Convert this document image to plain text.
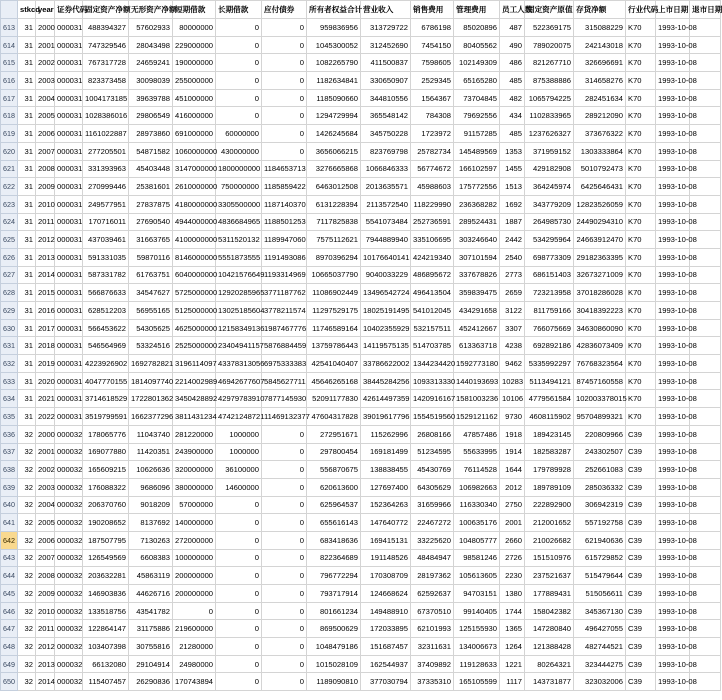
	stkcd	year	证券代码	固定资产净额	无形资产净额	短期借款	长期借款	应付债券	所有者权益合计	营业收入	销售费用	管理费用	员工人数	固定资产原值	存货净额	行业代码	上市日期	退市日期
613	31	2000	000031	488394327	57602933	80000000	0	0	959836956	313729722	6786198	85020896	487	522369175	315088229	K70	1993-10-08	
614	31	2001	000031	747329546	28043498	229000000	0	0	1045300052	312452690	7454150	80405562	490	789020075	242143018	K70	1993-10-08	
615	31	2002	000031	767317728	24659241	190000000	0	0	1082265790	411500837	7598605	102149309	486	821267710	326696691	K70	1993-10-08	
616	31	2003	000031	823373458	30098039	255000000	0	0	1182634841	330650907	2529345	65165280	485	875388886	314658276	K70	1993-10-08	
617	31	2004	000031	1004173185	39639788	451000000	0	0	1185090660	344810556	1564367	73704845	482	1065794225	282451634	K70	1993-10-08	
618	31	2005	000031	1028386016	29806549	416000000	0	0	1294729994	365548142	784308	79692556	434	1102833965	289212090	K70	1993-10-08	
619	31	2006	000031	1161022887	28973860	691000000	60000000	0	1426245684	345750228	1723972	91157285	485	1237626327	373676322	K70	1993-10-08	
620	31	2007	000031	277205501	54871582	1060000000	430000000	0	3656066215	823769798	25782734	145489569	1353	371959152	1303333864	K70	1993-10-08	
621	31	2008	000031	331393963	45403448	3147000000	1800000000	1184653713	3276665868	1066846333	56774672	166102597	1455	429182908	5010792473	K70	1993-10-08	
622	31	2009	000031	270999446	25381601	2610000000	750000000	1185859422	6463012508	2013635571	45988603	175772556	1513	364245974	6425646431	K70	1993-10-08	
623	31	2010	000031	249577951	27837875	4180000000	3305500000	1187140370	6131228394	2113572540	118229990	236368282	1692	343779209	12823526059	K70	1993-10-08	
624	31	2011	000031	170716011	27690540	4944000000	4836684965	1188501253	7117825838	5541073484	252736591	289524431	1887	264985730	24490294310	K70	1993-10-08	
625	31	2012	000031	437039461	31663765	4100000000	5311520132	1189947060	7575112621	7944889940	335106695	303246640	2442	534295964	24663912470	K70	1993-10-08	
626	31	2013	000031	591331035	59870116	8146000000	5551873555	1191493086	8970396294	10176640141	424219340	307101594	2540	698773309	29182363395	K70	1993-10-08	
627	31	2014	000031	587331782	61763751	6040000000	10421576649	1193314969	10665037790	9040033229	486895672	337678826	2773	686151403	32673271009	K70	1993-10-08	
628	31	2015	000031	566876633	34547627	5725000000	12920285965	3771187762	11086902449	13496542724	496413504	359839475	2659	723213958	37018286028	K70	1993-10-08	
629	31	2016	000031	628512203	56955165	5125000000	13025185604	3778211574	11297529175	18025191495	541012045	434291658	3122	811759166	30418392223	K70	1993-10-08	
630	31	2017	000031	566453622	54305625	4625000000	12158349136	1987467776	11746589164	10402355929	532157511	452412667	3307	766075669	34630860090	K70	1993-10-08	
631	31	2018	000031	546564969	53324516	2525000000	23404941157	5876884459	13759786443	14119575135	514703785	613363718	4238	692892186	42836073409	K70	1993-10-08	
632	31	2019	000031	4223926902	1692782821	3196114097	43378313056	6975333383	42541040407	33786622002	1344234420	1592773180	9462	5335992297	76768323564	K70	1993-10-08	
633	31	2020	000031	4047770155	1814097740	2214002989	46942677607	5845627711	45646265168	38445284256	1093313330	1440193693	10283	5113494121	87457160558	K70	1993-10-08	
634	31	2021	000031	3714618529	1722801362	3450428892	42979783910	7877145930	52091177830	42614497359	1420916167	1581003236	10106	4779561584	102003378015	K70	1993-10-08	
635	31	2022	000031	3519799591	1662377296	3811431234	47421248721	11469132377	47604317828	39019617796	1554519560	1529121162	9730	4608115902	95704899321	K70	1993-10-08	
636	32	2000	000032	178065776	11043740	281220000	1000000	0	272951671	115262996	26808166	47857486	1918	189423145	220809966	C39	1993-10-08	
637	32	2001	000032	169077880	11420351	243900000	1000000	0	297800454	169181499	51234595	55633995	1914	182583287	243302507	C39	1993-10-08	
638	32	2002	000032	165609215	10626636	320000000	36100000	0	556870675	138838455	45430769	76114528	1644	179789928	252661083	C39	1993-10-08	
639	32	2003	000032	176088322	9686096	380000000	14600000	0	620613600	127697400	64305629	106982663	2012	189789109	285036332	C39	1993-10-08	
640	32	2004	000032	206370760	9018209	57000000	0	0	625964537	152364263	31659966	116330340	2750	222892900	306942319	C39	1993-10-08	
641	32	2005	000032	190208652	8137692	140000000	0	0	655616143	147640772	22467272	100635176	2001	212001652	557192758	C39	1993-10-08	
642	32	2006	000032	187507795	7130263	272000000	0	0	683418636	169415131	33225620	104805777	2660	210026682	621940636	C39	1993-10-08	
643	32	2007	000032	126549569	6608383	100000000	0	0	822364689	191148526	48484947	98581246	2726	151510976	615729852	C39	1993-10-08	
644	32	2008	000032	203632281	45863119	200000000	0	0	796772294	170308709	28197362	105613605	2230	237521637	515479644	C39	1993-10-08	
645	32	2009	000032	146903836	44626716	200000000	0	0	793717914	124668624	62592637	94703151	1380	177889431	515056611	C39	1993-10-08	
646	32	2010	000032	133518756	43541782	0	0	0	801661234	149488910	67370510	99140405	1744	158042382	345367130	C39	1993-10-08	
647	32	2011	000032	122864147	31175886	219600000	0	0	869500629	172033895	62101993	125155930	1365	147280840	496427055	C39	1993-10-08	
648	32	2012	000032	103407398	30755816	21280000	0	0	1048479186	151687457	32311631	134006673	1264	121388428	482744521	C39	1993-10-08	
649	32	2013	000032	66132080	29104914	24980000	0	0	1015028109	162544937	37409892	119128633	1221	80264321	323444275	C39	1993-10-08	
650	32	2014	000032	115407457	26290836	170743894	0	0	1189090810	377030794	37335310	165105599	1117	143731877	323032006	C39	1993-10-08	
